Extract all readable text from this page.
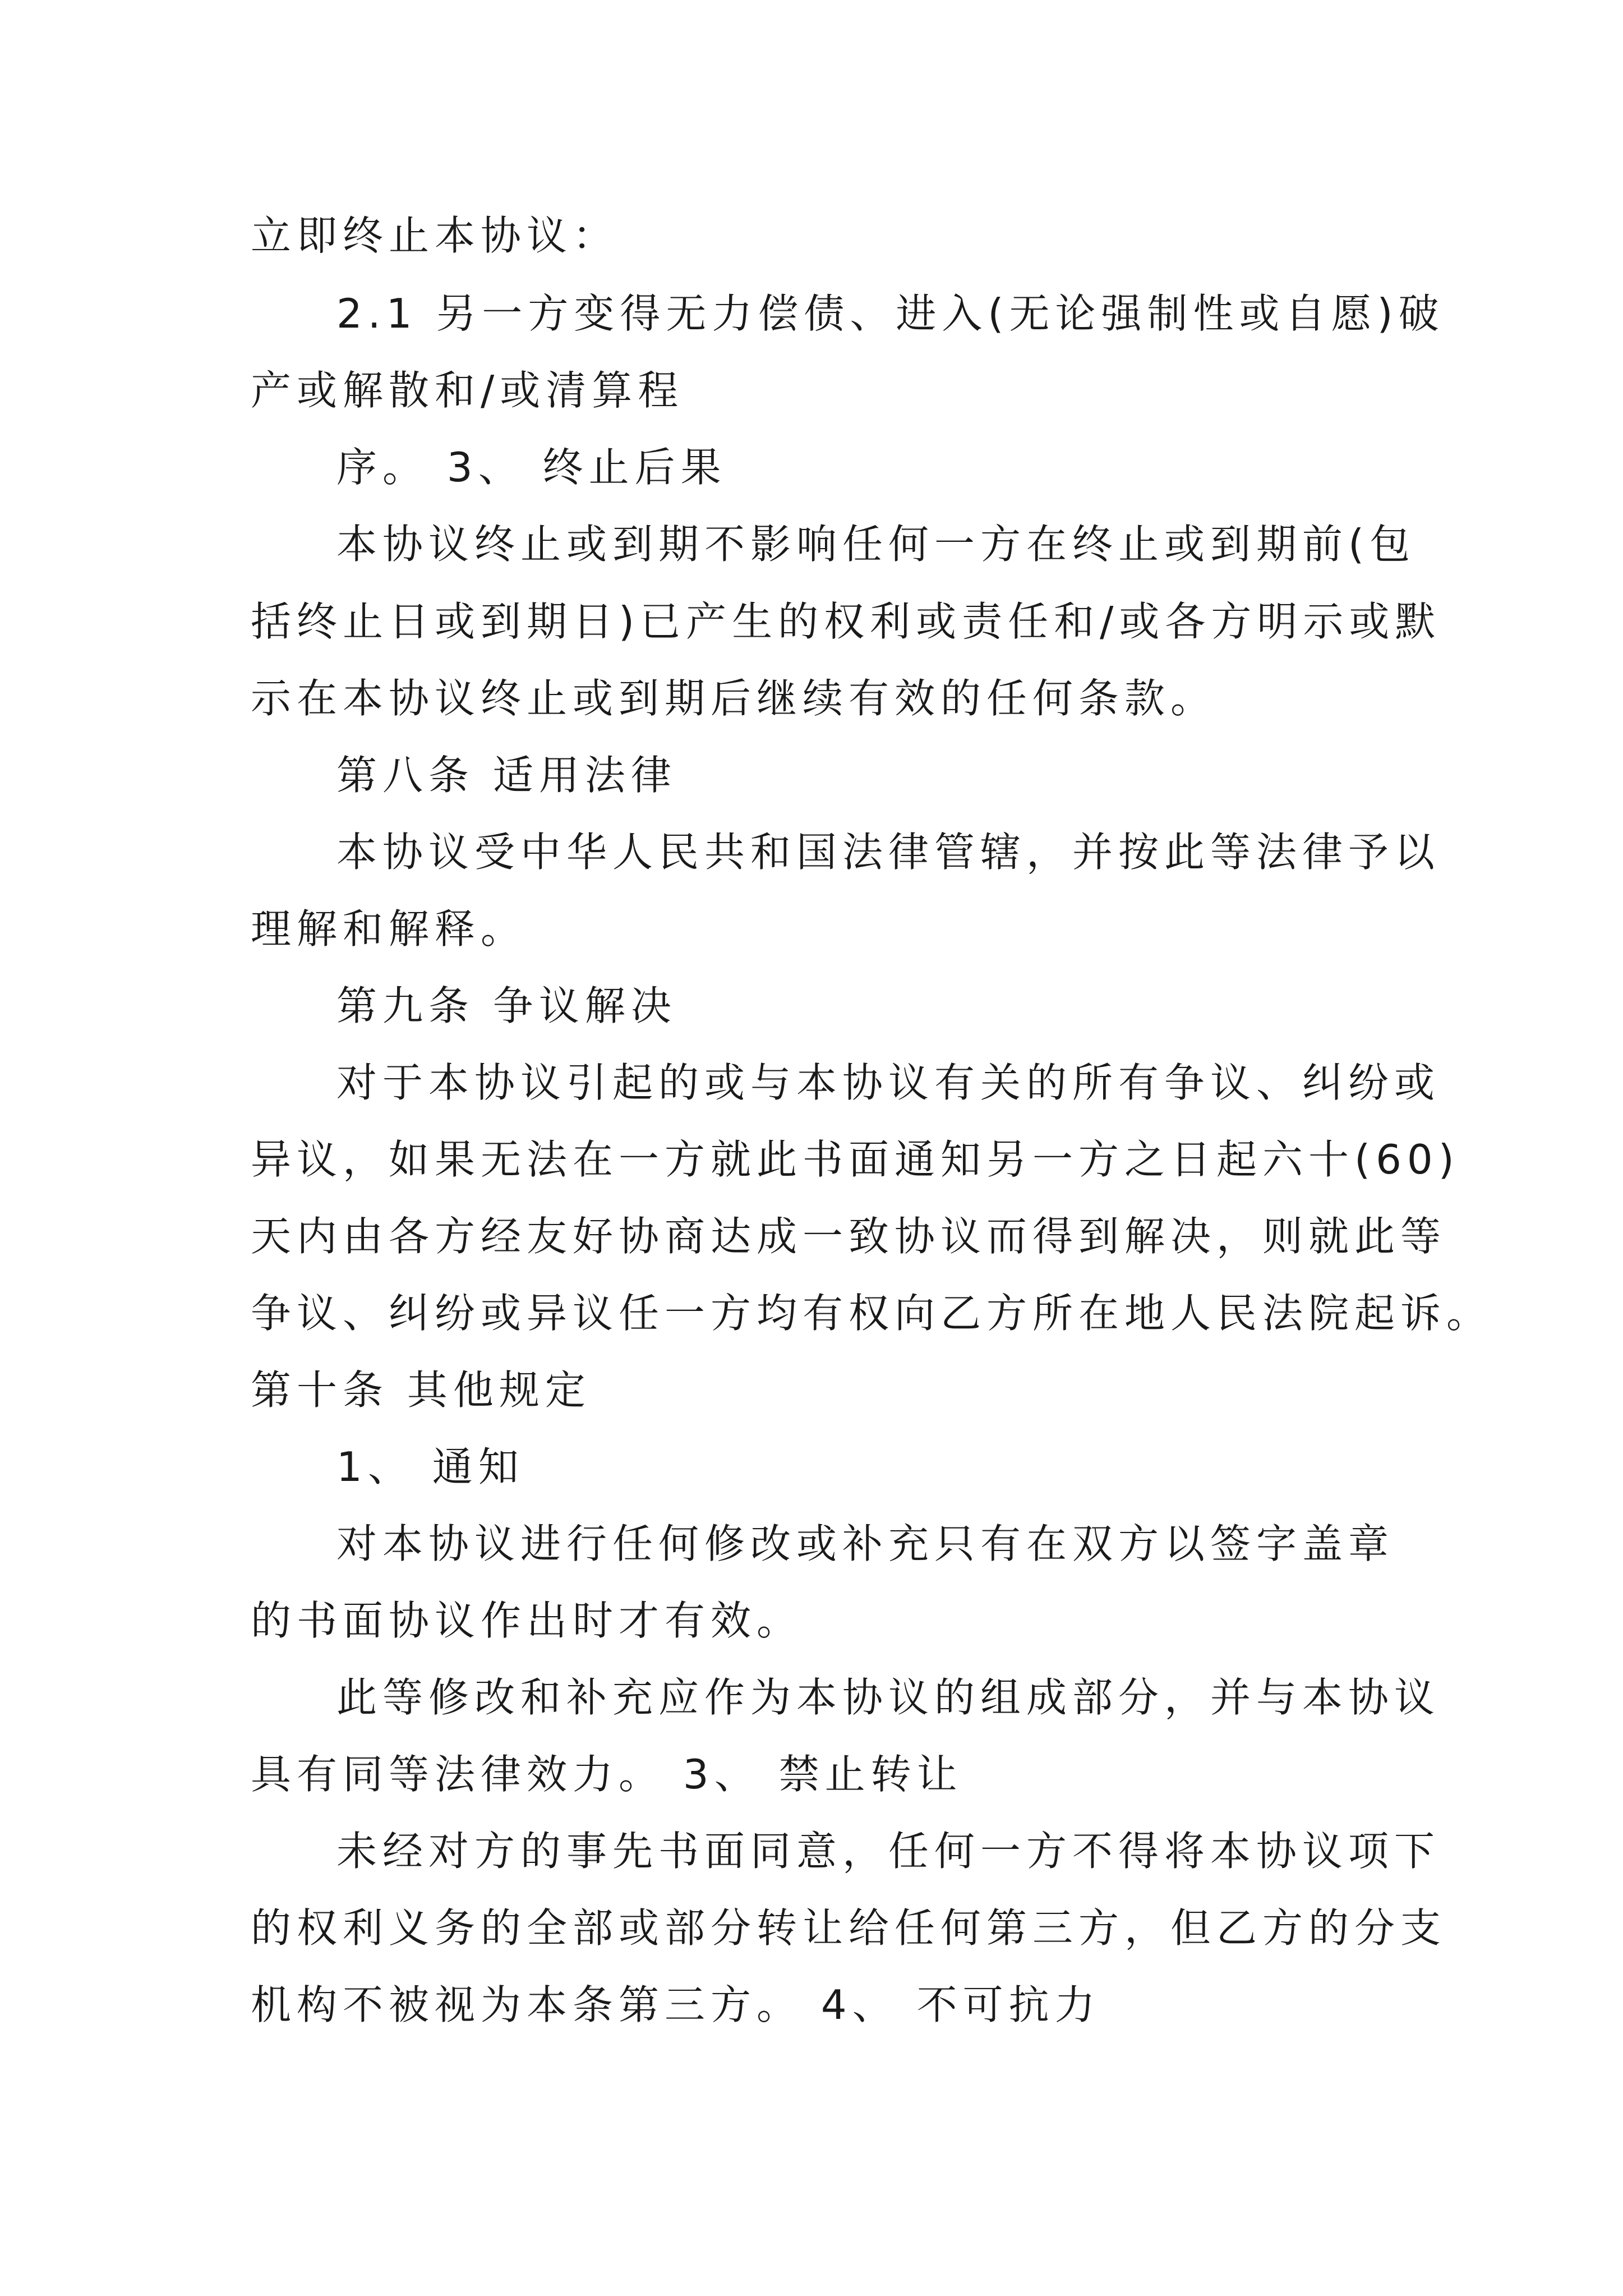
立即终止本协议：
2.1 另一方变得无力偿债、进入(无论强制性或自愿)破
产或解散和/或清算程
序。 3、 终止后果
本协议终止或到期不影响任何一方在终止或到期前(包
括终止日或到期日)已产生的权利或责任和/或各方明示或默
示在本协议终止或到期后继续有效的任何条款。
第八条 适用法律
本协议受中华人民共和国法律管辖，并按此等法律予以
理解和解释。
第九条 争议解决
对于本协议引起的或与本协议有关的所有争议、纠纷或
异议，如果无法在一方就此书面通知另一方之日起六十(60)
天内由各方经友好协商达成一致协议而得到解决，则就此等
争议、纠纷或异议任一方均有权向乙方所在地人民法院起诉。
第十条 其他规定
1、 通知
对本协议进行任何修改或补充只有在双方以签字盖章
的书面协议作出时才有效。
此等修改和补充应作为本协议的组成部分，并与本协议
具有同等法律效力。 3、 禁止转让
未经对方的事先书面同意，任何一方不得将本协议项下
的权利义务的全部或部分转让给任何第三方，但乙方的分支
机构不被视为本条第三方。 4、 不可抗力
